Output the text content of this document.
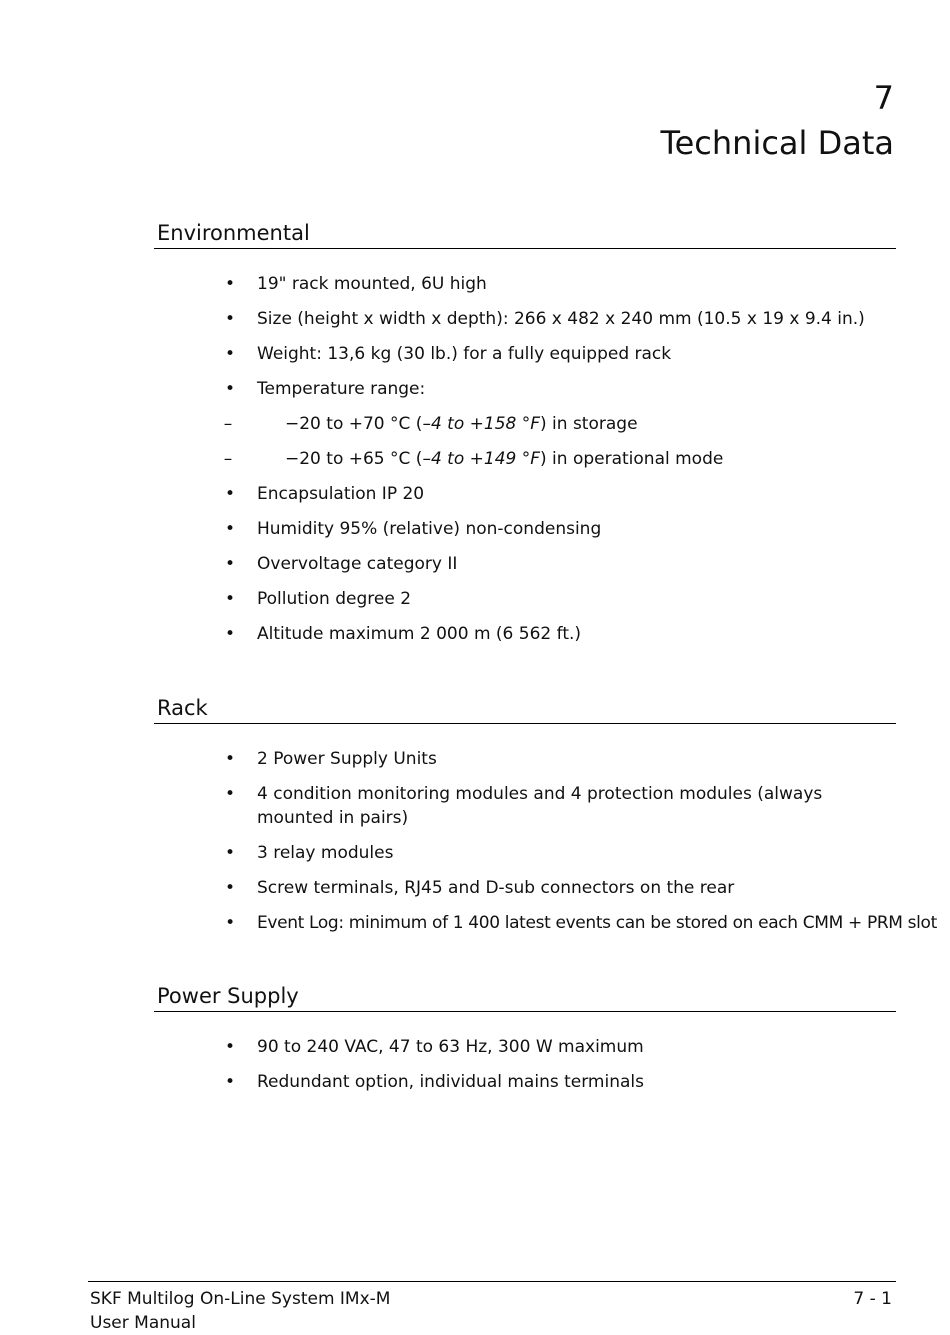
7
Technical Data
Environmental
• 19" rack mounted, 6U high
• Size (height x width x depth): 266 x 482 x 240 mm (10.5 x 19 x 9.4 in.)
• Weight: 13,6 kg (30 lb.) for a fully equipped rack
• Temperature range:
–	−20 to +70 °C (–4 to +158 °F) in storage
–	−20 to +65 °C (–4 to +149 °F) in operational mode
• Encapsulation IP 20
• Humidity 95% (relative) non-condensing
• Overvoltage category II
• Pollution degree 2
• Altitude maximum 2 000 m (6 562 ft.)
Rack
• 2 Power Supply Units
• 4 condition monitoring modules and 4 protection modules (always mounted in pairs)
• 3 relay modules
• Screw terminals, RJ45 and D-sub connectors on the rear
• Event Log: minimum of 1 400 latest events can be stored on each CMM + PRM slot
Power Supply
• 90 to 240 VAC, 47 to 63 Hz, 300 W maximum
• Redundant option, individual mains terminals
SKF Multilog On-Line System IMx-M
User Manual
7 - 1
